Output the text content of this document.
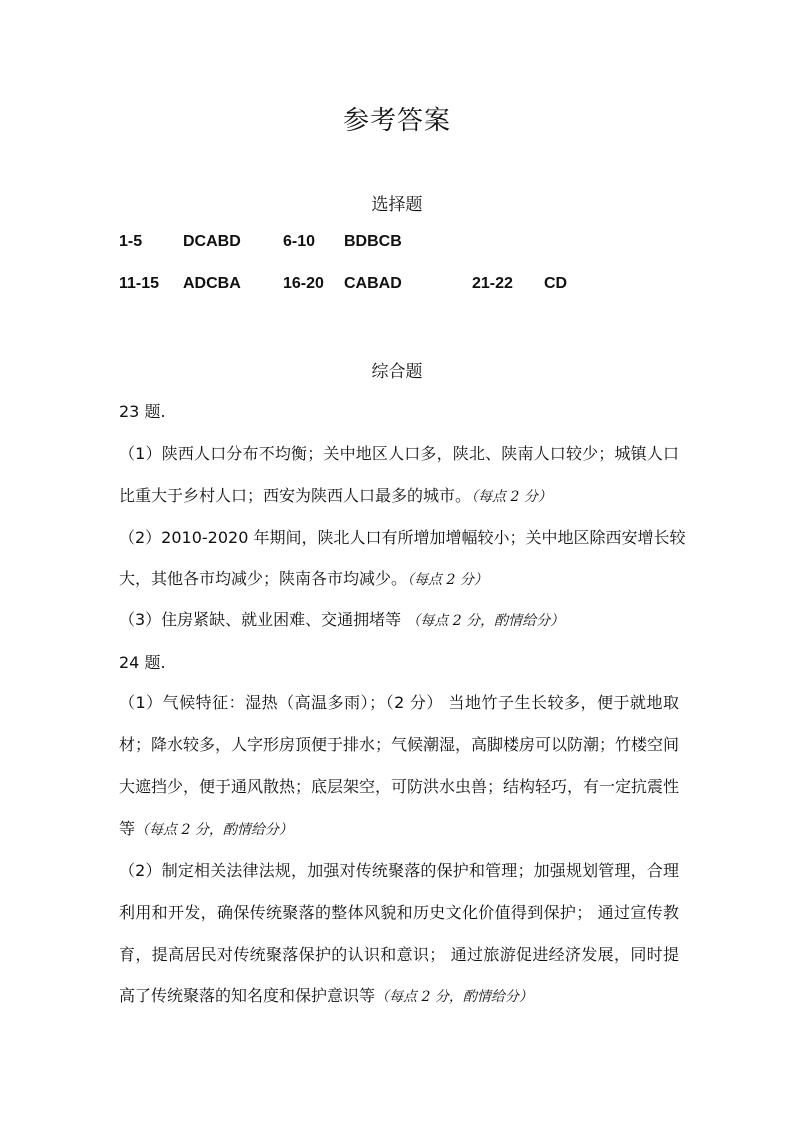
参考答案
选择题
1-5	DCABD	6-10 BDBCB
11-15 ADCBA	16-20 CABAD	21-22 CD
综合题
23 题.
（1）陕西人口分布不均衡；关中地区人口多，陕北、陕南人口较少；城镇人口
比重大于乡村人口；西安为陕西人口最多的城市。（每点 2 分）
（2）2010-2020 年期间，陕北人口有所增加增幅较小；关中地区除西安增长较
大，其他各市均减少；陕南各市均减少。（每点 2 分）
（3）住房紧缺、就业困难、交通拥堵等 （每点 2 分，酌情给分）
24 题.
（1）气候特征：湿热（高温多雨）；（2 分） 当地竹子生长较多，便于就地取
材；降水较多，人字形房顶便于排水；气候潮湿，高脚楼房可以防潮；竹楼空间
大遮挡少，便于通风散热；底层架空，可防洪水虫兽；结构轻巧，有一定抗震性
等（每点 2 分，酌情给分）
（2）制定相关法律法规，加强对传统聚落的保护和管理；加强规划管理，合理
利用和开发，确保传统聚落的整体风貌和历史文化价值得到保护； 通过宣传教
育，提高居民对传统聚落保护的认识和意识； 通过旅游促进经济发展，同时提
高了传统聚落的知名度和保护意识等（每点 2 分，酌情给分）
